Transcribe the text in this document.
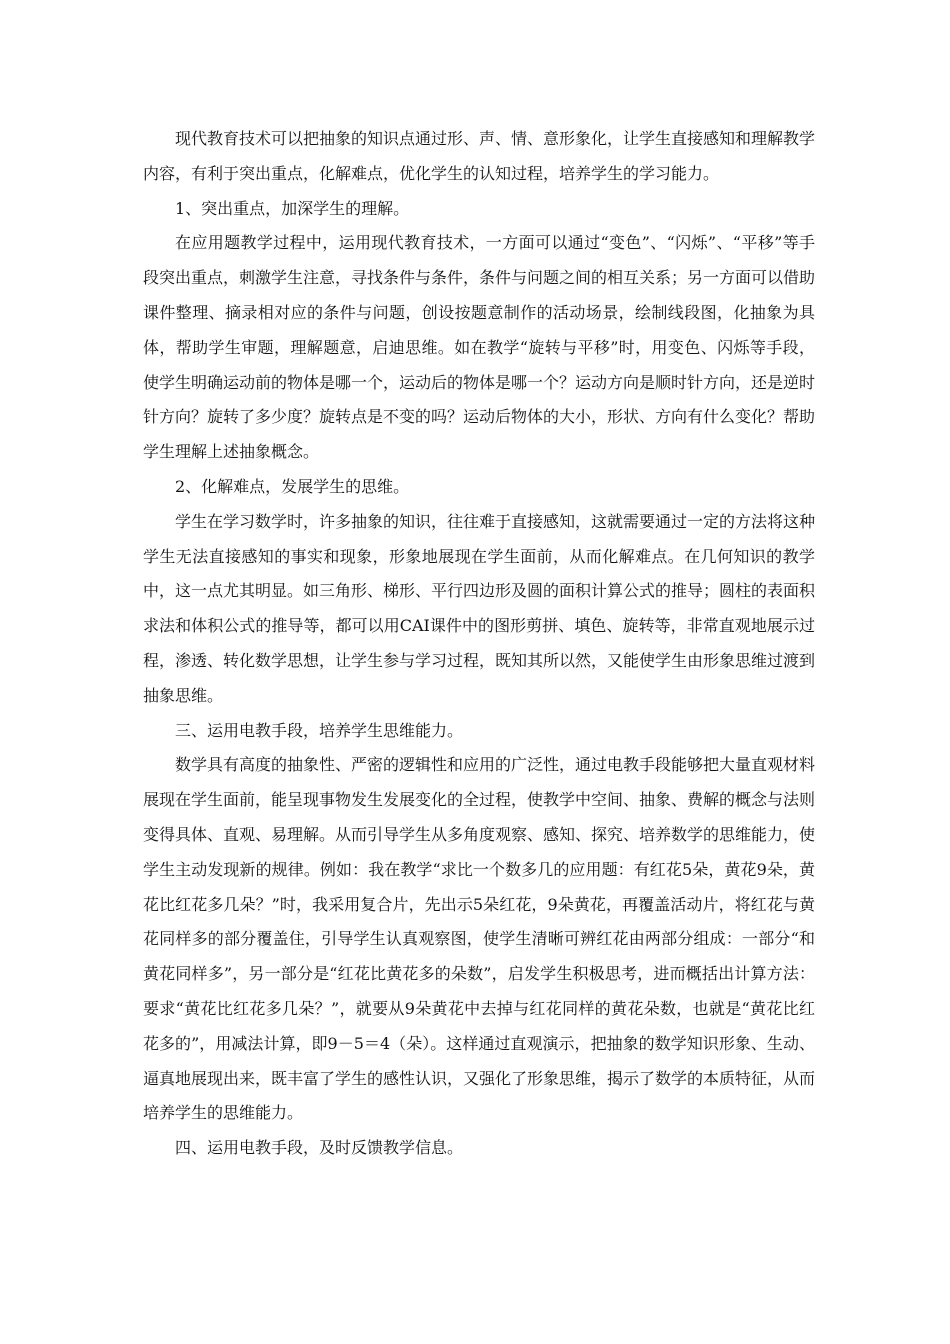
现代教育技术可以把抽象的知识点通过形、声、情、意形象化，让学生直接感知和理解教学内容，有利于突出重点，化解难点，优化学生的认知过程，培养学生的学习能力。

1、突出重点，加深学生的理解。

在应用题教学过程中，运用现代教育技术，一方面可以通过“变色”、“闪烁”、“平移”等手段突出重点，刺激学生注意，寻找条件与条件，条件与问题之间的相互关系；另一方面可以借助课件整理、摘录相对应的条件与问题，创设按题意制作的活动场景，绘制线段图，化抽象为具体，帮助学生审题，理解题意，启迪思维。如在教学“旋转与平移”时，用变色、闪烁等手段，使学生明确运动前的物体是哪一个，运动后的物体是哪一个？运动方向是顺时针方向，还是逆时针方向？旋转了多少度？旋转点是不变的吗？运动后物体的大小，形状、方向有什么变化？帮助学生理解上述抽象概念。

2、化解难点，发展学生的思维。

学生在学习数学时，许多抽象的知识，往往难于直接感知，这就需要通过一定的方法将这种学生无法直接感知的事实和现象，形象地展现在学生面前，从而化解难点。在几何知识的教学中，这一点尤其明显。如三角形、梯形、平行四边形及圆的面积计算公式的推导；圆柱的表面积求法和体积公式的推导等，都可以用CAI课件中的图形剪拼、填色、旋转等，非常直观地展示过程，渗透、转化数学思想，让学生参与学习过程，既知其所以然，又能使学生由形象思维过渡到抽象思维。

三、运用电教手段，培养学生思维能力。

数学具有高度的抽象性、严密的逻辑性和应用的广泛性，通过电教手段能够把大量直观材料展现在学生面前，能呈现事物发生发展变化的全过程，使教学中空间、抽象、费解的概念与法则变得具体、直观、易理解。从而引导学生从多角度观察、感知、探究、培养数学的思维能力，使学生主动发现新的规律。例如：我在教学“求比一个数多几的应用题：有红花5朵，黄花9朵，黄花比红花多几朵？”时，我采用复合片，先出示5朵红花，9朵黄花，再覆盖活动片，将红花与黄花同样多的部分覆盖住，引导学生认真观察图，使学生清晰可辨红花由两部分组成：一部分“和黄花同样多”，另一部分是“红花比黄花多的朵数”，启发学生积极思考，进而概括出计算方法：要求“黄花比红花多几朵？”，就要从9朵黄花中去掉与红花同样的黄花朵数，也就是“黄花比红花多的”，用减法计算，即9－5＝4（朵）。这样通过直观演示，把抽象的数学知识形象、生动、逼真地展现出来，既丰富了学生的感性认识，又强化了形象思维，揭示了数学的本质特征，从而培养学生的思维能力。

四、运用电教手段，及时反馈教学信息。
